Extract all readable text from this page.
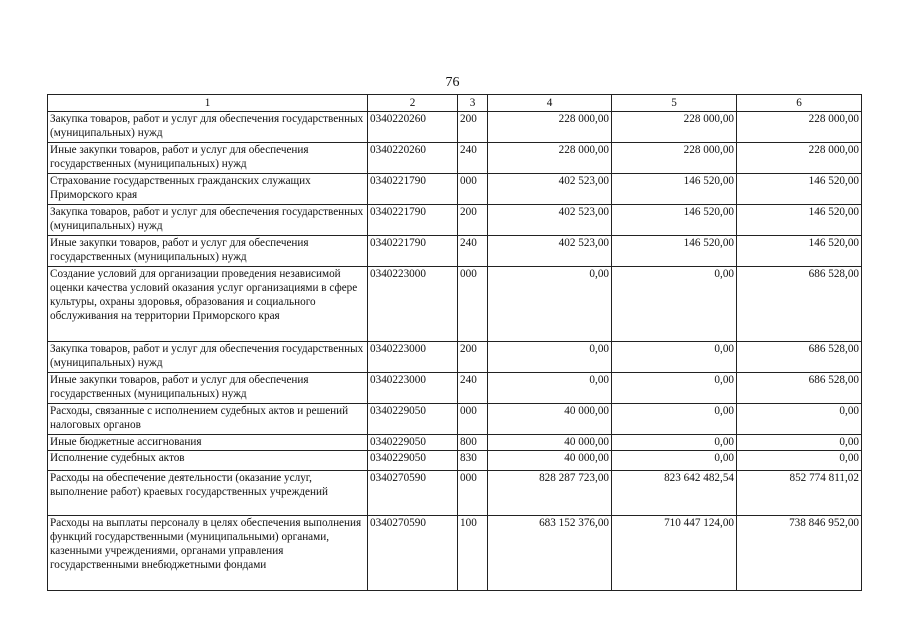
76
1	2	3	4	5	6
Закупка товаров, работ и услуг для обеспечения государственных (муниципальных) нужд	0340220260	200	228 000,00	228 000,00	228 000,00
Иные закупки товаров, работ и услуг для обеспечения государственных (муниципальных) нужд	0340220260	240	228 000,00	228 000,00	228 000,00
Страхование государственных гражданских служащих Приморского края	0340221790	000	402 523,00	146 520,00	146 520,00
Закупка товаров, работ и услуг для обеспечения государственных (муниципальных) нужд	0340221790	200	402 523,00	146 520,00	146 520,00
Иные закупки товаров, работ и услуг для обеспечения государственных (муниципальных) нужд	0340221790	240	402 523,00	146 520,00	146 520,00
Создание условий для организации проведения независимой оценки качества условий оказания услуг организациями в сфере культуры, охраны здоровья, образования и социального обслуживания на территории Приморского края	0340223000	000	0,00	0,00	686 528,00
Закупка товаров, работ и услуг для обеспечения государственных (муниципальных) нужд	0340223000	200	0,00	0,00	686 528,00
Иные закупки товаров, работ и услуг для обеспечения государственных (муниципальных) нужд	0340223000	240	0,00	0,00	686 528,00
Расходы, связанные с исполнением судебных актов и решений налоговых органов	0340229050	000	40 000,00	0,00	0,00
Иные бюджетные ассигнования	0340229050	800	40 000,00	0,00	0,00
Исполнение судебных актов	0340229050	830	40 000,00	0,00	0,00
Расходы на обеспечение деятельности (оказание услуг, выполнение работ) краевых государственных учреждений	0340270590	000	828 287 723,00	823 642 482,54	852 774 811,02
Расходы на выплаты персоналу в целях обеспечения выполнения функций государственными (муниципальными) органами, казенными учреждениями, органами управления государственными внебюджетными фондами	0340270590	100	683 152 376,00	710 447 124,00	738 846 952,00
